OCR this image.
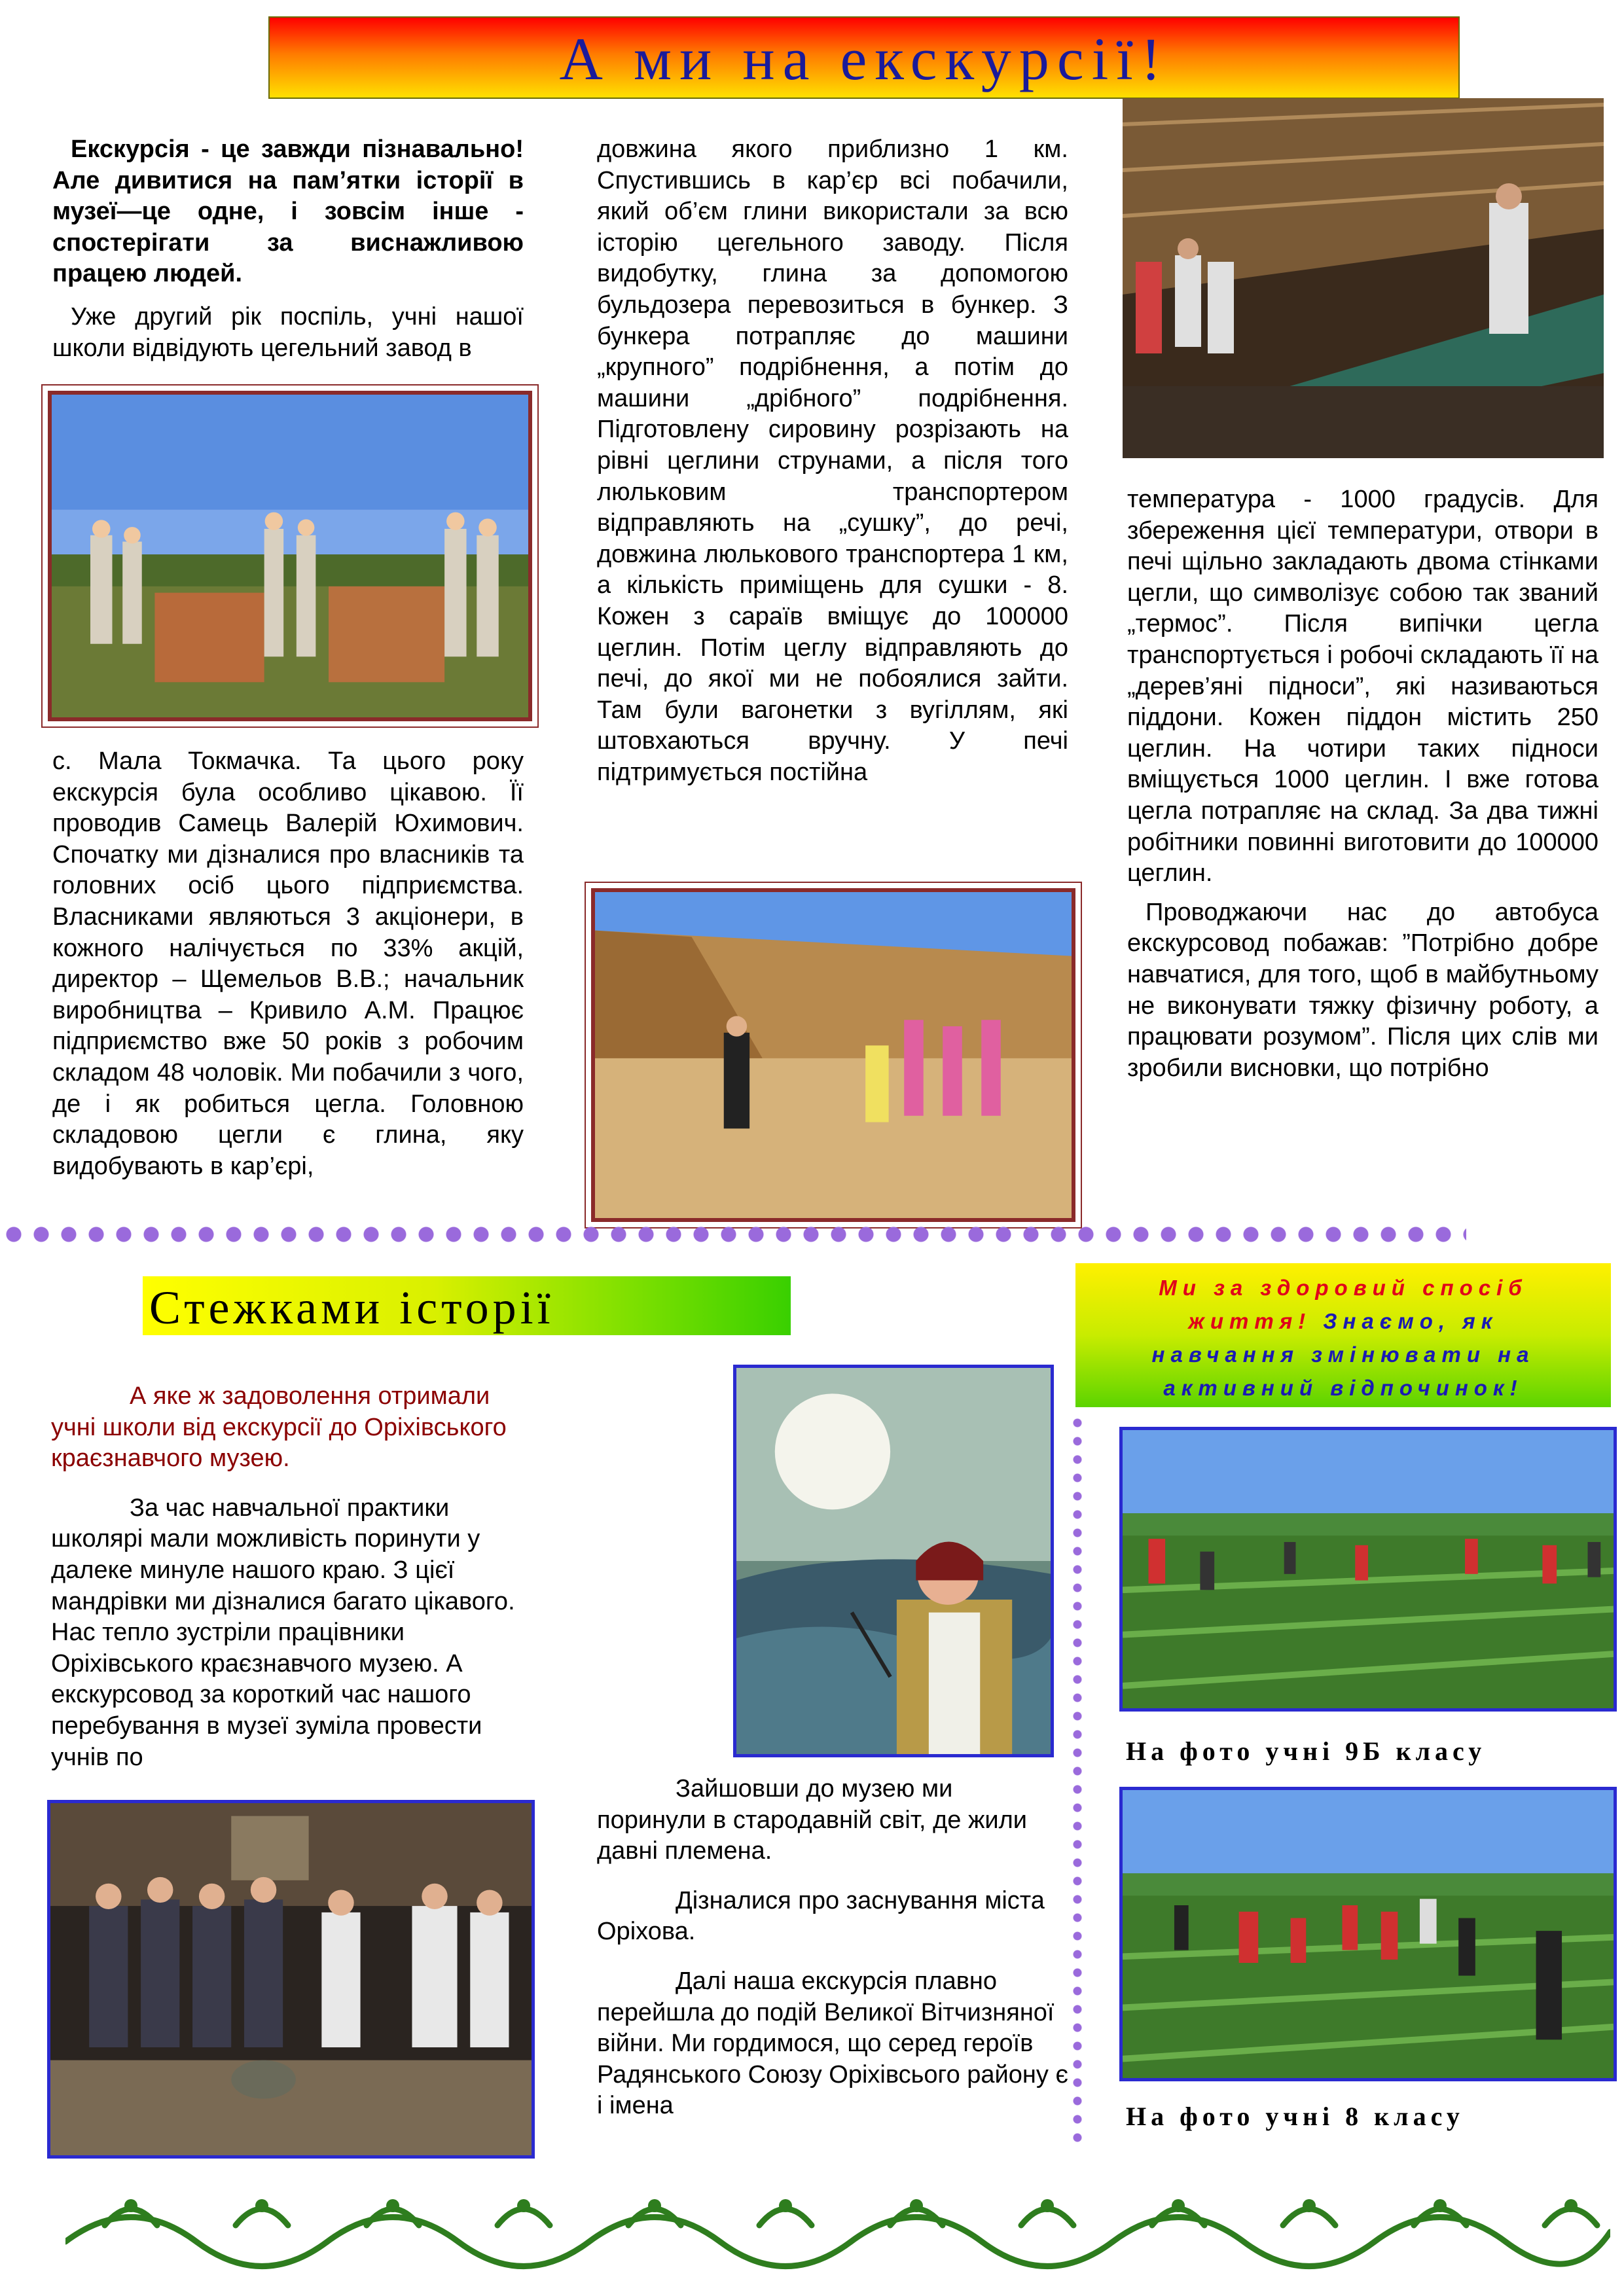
А ми на екскурсії!

Екскурсія - це завжди пізнавально! Але дивитися на пам’ятки історії в музеї—це одне, і зовсім інше - спостерігати за виснажливою працею людей.

Уже другий рік поспіль, учні нашої школи відвідують цегельний завод в

с. Мала Токмачка. Та цього року екскурсія була особливо цікавою. Її проводив Самець Валерій Юхимович. Спочатку ми дізналися про власників та головних осіб цього підприємства. Власниками являються 3 акціонери, в кожного налічується по 33% акцій, директор – Щемельов В.В.; начальник виробництва – Кривило А.М. Працює підприємство вже 50 років з робочим складом 48 чоловік. Ми побачили з чого, де і як робиться цегла. Головною складовою цегли є глина, яку видобувають в кар’єрі,

довжина якого приблизно 1 км. Спустившись в кар’єр всі побачили, який об’єм глини використали за всю історію цегельного заводу. Після видобутку, глина за допомогою бульдозера перевозиться в бункер. З бункера потрапляє до машини „крупного” подрібнення, а потім до машини „дрібного” подрібнення. Підготовлену сировину розрізають на рівні цеглини струнами, а після того люльковим транспортером відправляють на „сушку”, до речі, довжина люлькового транспортера 1 км, а кількість приміщень для сушки - 8. Кожен з сараїв вміщує до 100000 цеглин. Потім цеглу відправляють до печі, до якої ми не побоялися зайти. Там були вагонетки з вугіллям, які штовхаються вручну. У печі підтримується постійна

температура - 1000 градусів. Для збереження цієї температури, отвори в печі щільно закладають двома стінками цегли, що символізує собою так званий „термос”. Після випічки цегла транспортується і робочі складають її на „дерев’яні підноси”, які називаються піддони. Кожен піддон містить 250 цеглин. На чотири таких підноси вміщується 1000 цеглин. І вже готова цегла потрапляє на склад. За два тижні робітники повинні виготовити до 100000 цеглин.

Проводжаючи нас до автобуса екскурсовод побажав: ”Потрібно добре навчатися, для того, щоб в майбутньому не виконувати тяжку фізичну роботу, а працювати розумом”. Після цих слів ми зробили висновки, що потрібно

Стежками історії

А яке ж задоволення отримали учні школи від екскурсії до Оріхівського краєзнавчого музею.

За час навчальної практики школярі мали можливість поринути у далеке минуле нашого краю. З цієї мандрівки ми дізналися багато цікавого. Нас тепло зустріли працівники Оріхівського краєзнавчого музею. А екскурсовод за короткий час нашого перебування в музеї зуміла провести учнів по

Зайшовши до музею ми поринули в стародавній світ, де жили давні племена.

Дізналися про заснування міста Оріхова.

Далі наша екскурсія плавно перейшла до подій Великої Вітчизняної війни. Ми гордимося, що серед героїв Радянського Союзу Оріхівсього району є і імена

Ми за здоровий спосіб
життя! Знаємо, як
навчання змінювати на
активний відпочинок!
На фото учні 9Б класу
На фото учні 8 класу
